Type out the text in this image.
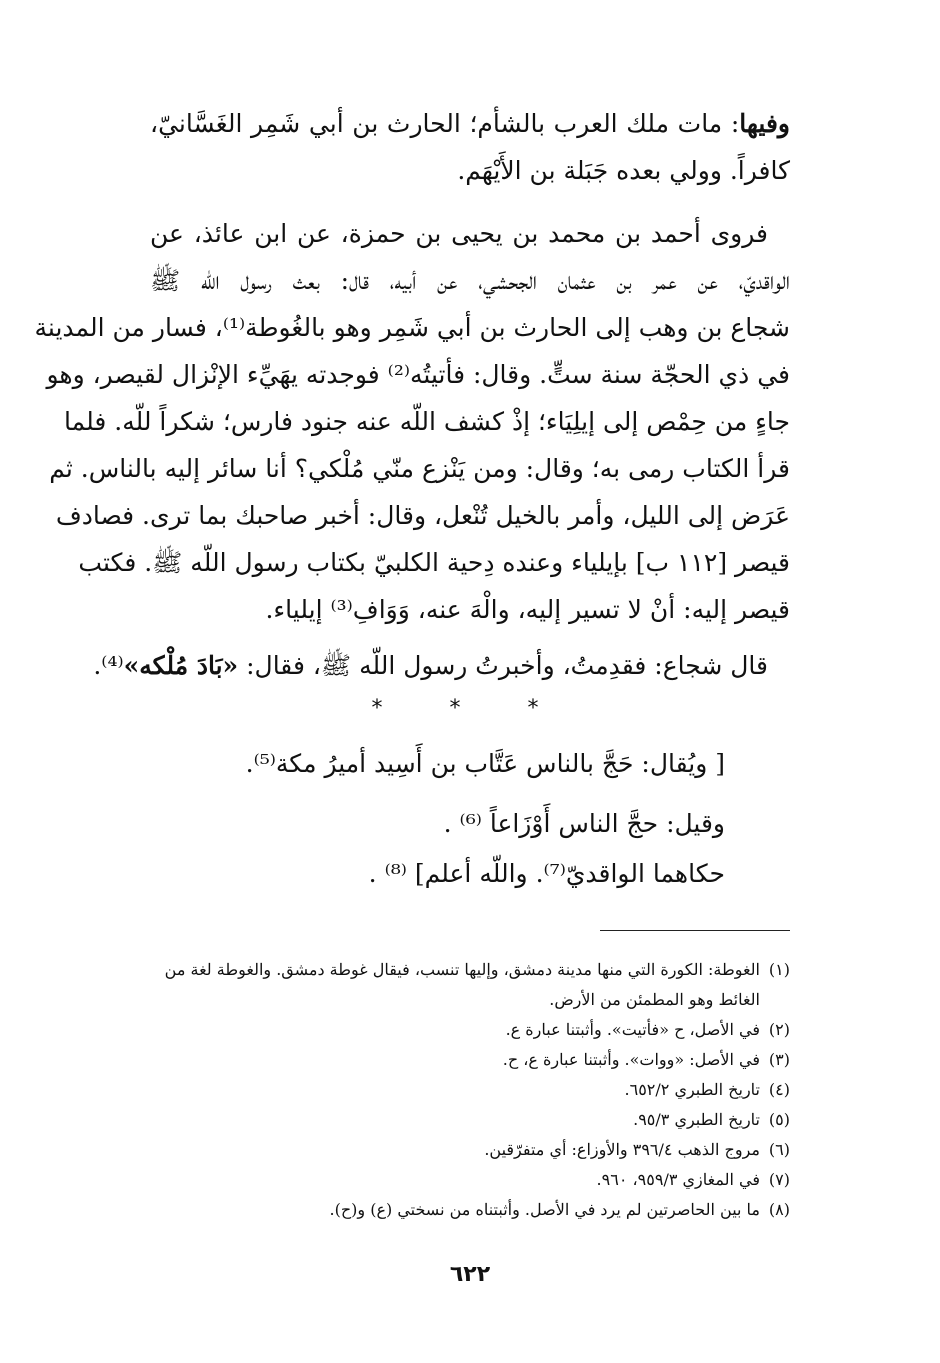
وفيها: مات ملك العرب بالشأم؛ الحارث بن أبي شَمِر الغَسَّانيّ،
كافراً. وولي بعده جَبَلة بن الأَيْهَم.

فروى أحمد بن محمد بن يحيى بن حمزة، عن ابن عائذ، عن
الواقديّ، عن عمر بن عثمان الجحشي، عن أبيه، قال: بعث رسول اللّه ﷺ
شجاع بن وهب إلى الحارث بن أبي شَمِر وهو بالغُوطة⁽¹⁾، فسار من المدينة
في ذي الحجّة سنة ستٍّ. وقال: فأتيتُه⁽²⁾ فوجدته يهَيِّء الإنْزال لقيصر، وهو
جاءٍ من حِمْص إلى إيلِيَاء؛ إذْ كشف اللّه عنه جنود فارس؛ شكراً للّه. فلما
قرأ الكتاب رمى به؛ وقال: ومن يَنْزع منّي مُلْكي؟ أنا سائر إليه بالناس. ثم
عَرَض إلى الليل، وأمر بالخيل تُنْعل، وقال: أخبر صاحبك بما ترى. فصادف
قيصر [١١٢ ب] بإيلياء وعنده دِحية الكلبيّ بكتاب رسول اللّه ﷺ. فكتب
قيصر إليه: أنْ لا تسير إليه، والْهَ عنه، وَوَافِ⁽³⁾ إيلياء.

قال شجاع: فقدِمتُ، وأخبرتُ رسول اللّه ﷺ، فقال: «بَادَ مُلْكه»⁽⁴⁾.
* * *
[ ويُقال: حَجَّ بالناس عَتَّاب بن أَسِيد أميرُ مكة⁽⁵⁾.
وقيل: حجَّ الناس أَوْزَاعاً ⁽⁶⁾ .
حكاهما الواقديّ⁽⁷⁾. واللّه أعلم] ⁽⁸⁾ .
(١)
الغوطة: الكورة التي منها مدينة دمشق، وإليها تنسب، فيقال غوطة دمشق. والغوطة لغة من
الغائط وهو المطمئن من الأرض.
(٢)
في الأصل، ح «فأتيت». وأثبتنا عبارة ع.
(٣)
في الأصل: «ووات». وأثبتنا عبارة ع، ح.
(٤)
تاريخ الطبري ٦٥٢/٢.
(٥)
تاريخ الطبري ٩٥/٣.
(٦)
مروج الذهب ٣٩٦/٤ والأوزاع: أي متفرّقين.
(٧)
في المغازي ٩٥٩/٣، ٩٦٠.
(٨)
ما بين الحاصرتين لم يرد في الأصل. وأثبتناه من نسختي (ع) و(ح).
٦٢٢
